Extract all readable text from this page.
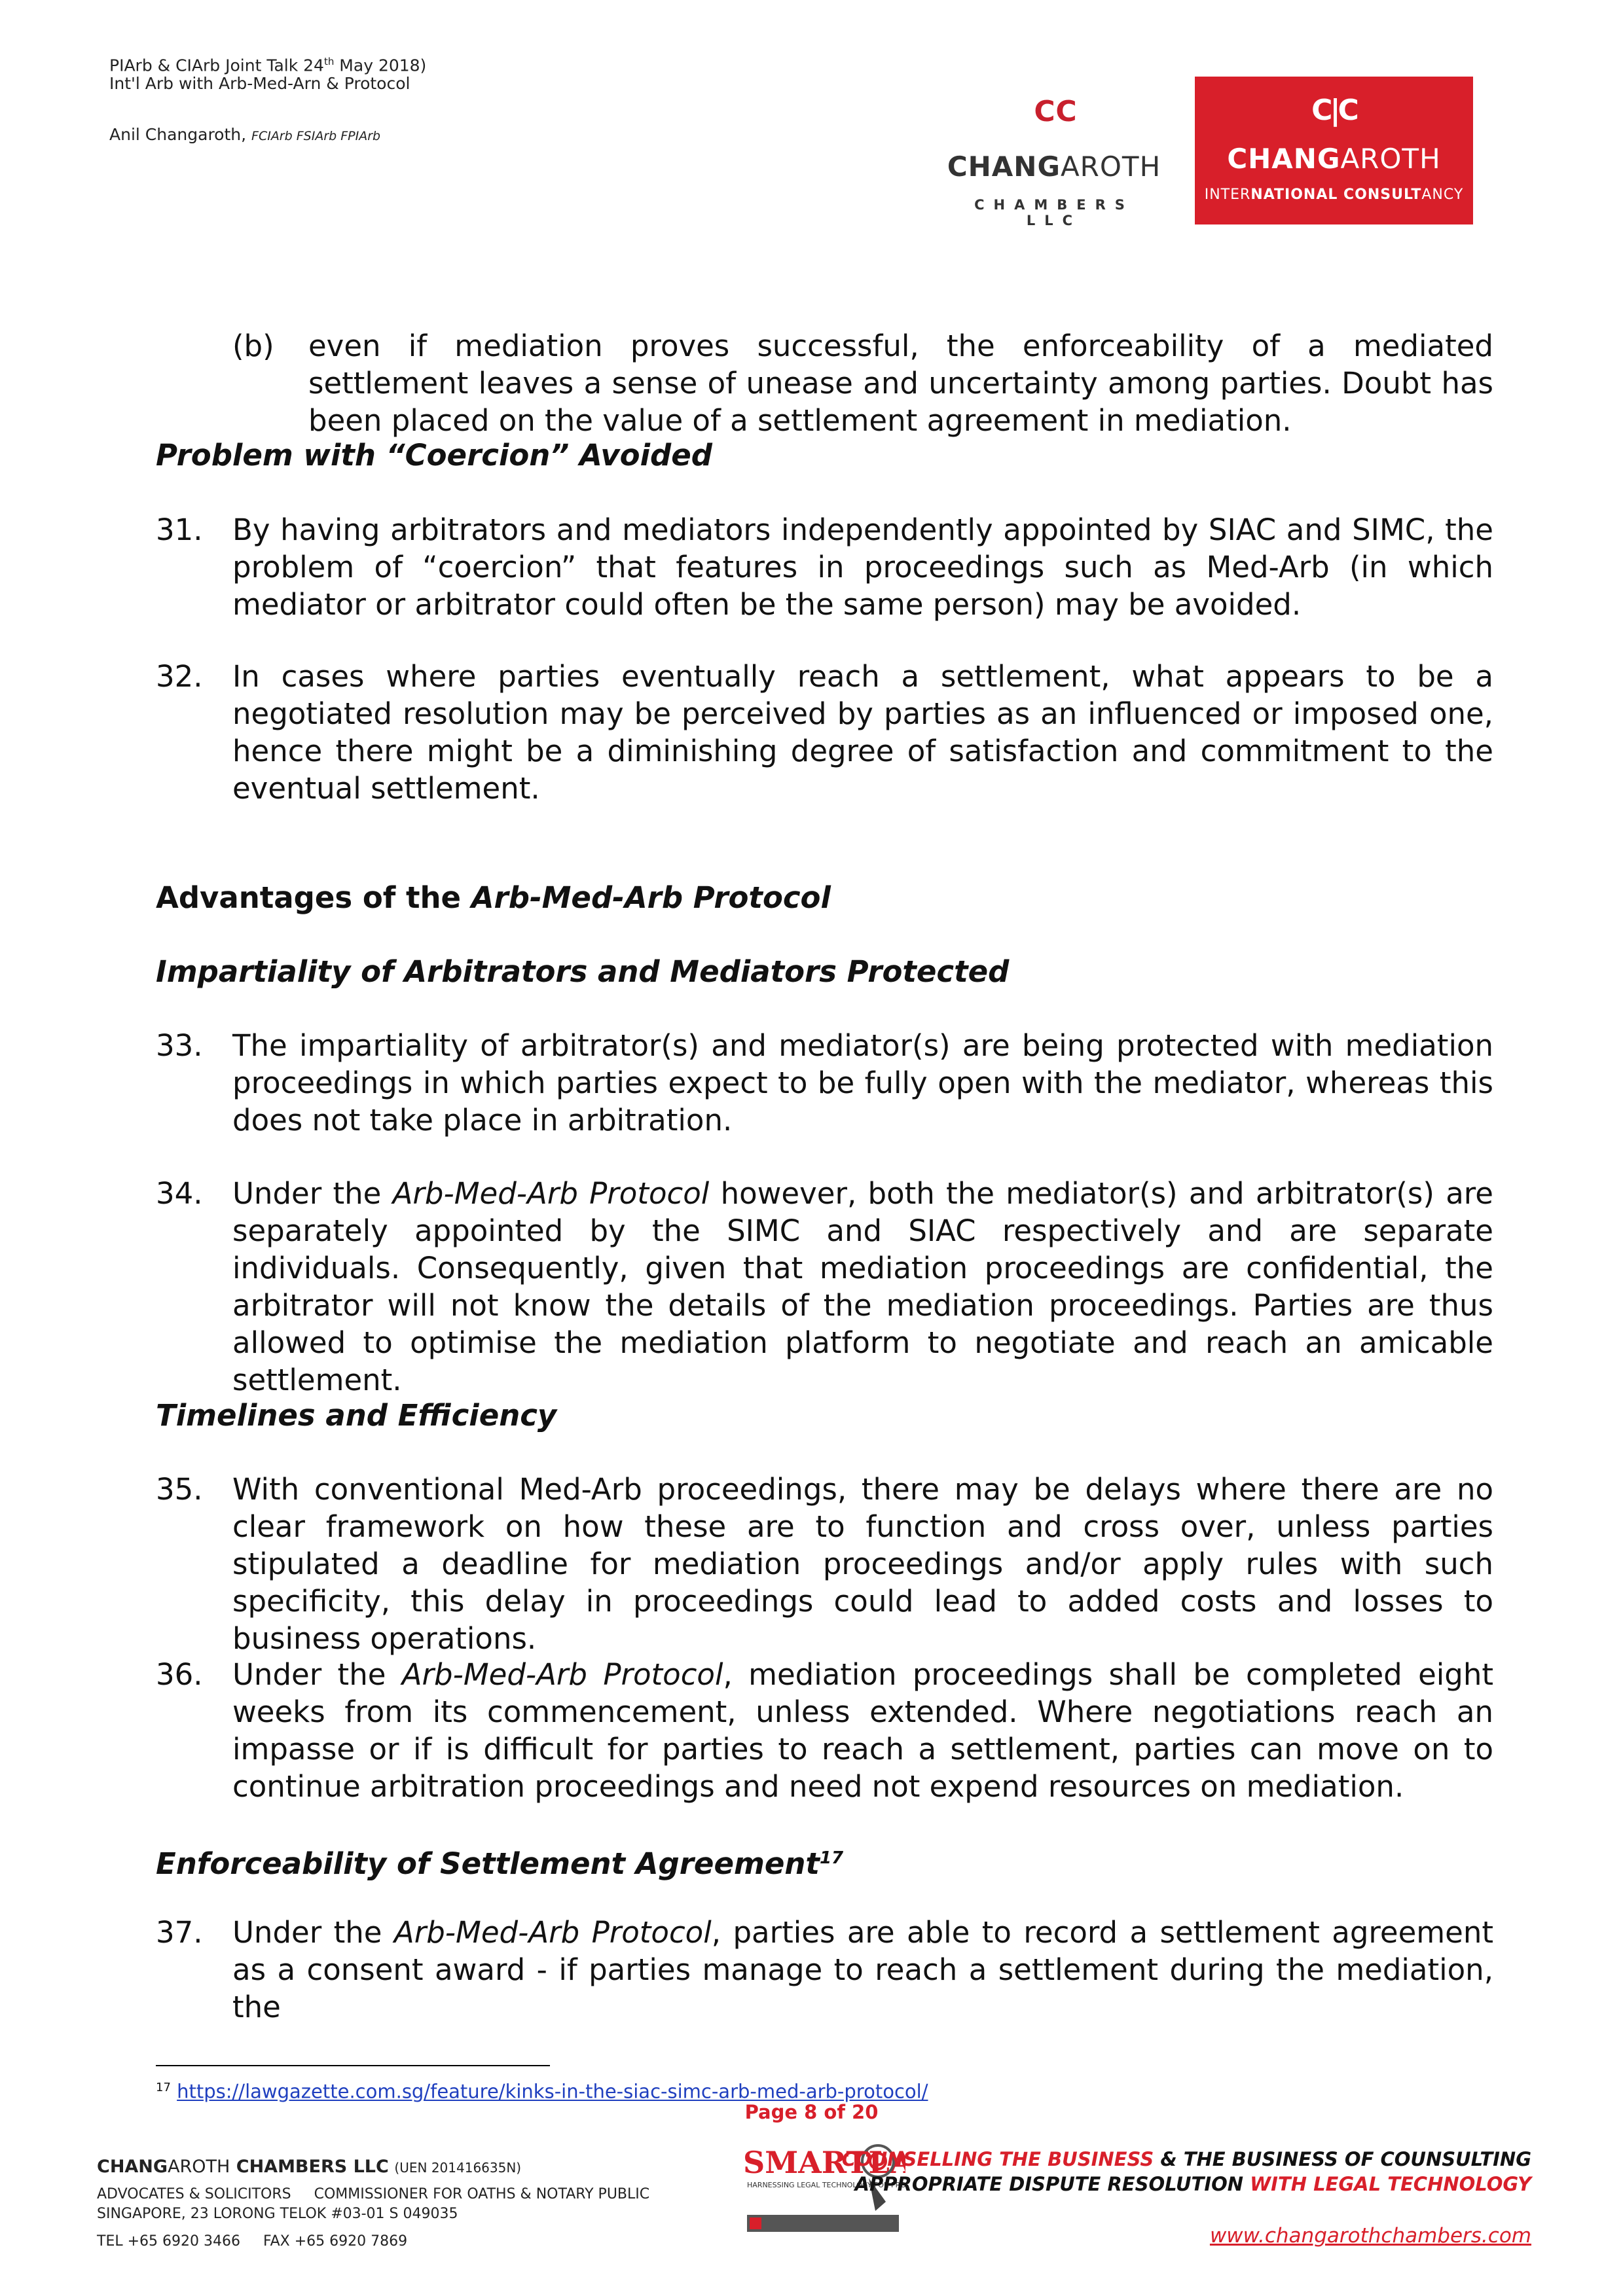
PIArb & CIArb Joint Talk 24th May 2018)
Int'l Arb with Arb-Med-Arn & Protocol
Anil Changaroth, FCIArb FSIArb FPIArb
C C
CHANGAROTH
CHAMBERS LLC
C|C
CHANGAROTH
INTERNATIONAL CONSULTANCY
(b) even if mediation proves successful, the enforceability of a mediated settlement leaves a sense of unease and uncertainty among parties. Doubt has been placed on the value of a settlement agreement in mediation.
Problem with “Coercion” Avoided
31. By having arbitrators and mediators independently appointed by SIAC and SIMC, the problem of “coercion” that features in proceedings such as Med-Arb (in which mediator or arbitrator could often be the same person) may be avoided.
32. In cases where parties eventually reach a settlement, what appears to be a negotiated resolution may be perceived by parties as an influenced or imposed one, hence there might be a diminishing degree of satisfaction and commitment to the eventual settlement.
Advantages of the Arb-Med-Arb Protocol
Impartiality of Arbitrators and Mediators Protected
33. The impartiality of arbitrator(s) and mediator(s) are being protected with mediation proceedings in which parties expect to be fully open with the mediator, whereas this does not take place in arbitration.
34. Under the Arb-Med-Arb Protocol however, both the mediator(s) and arbitrator(s) are separately appointed by the SIMC and SIAC respectively and are separate individuals. Consequently, given that mediation proceedings are confidential, the arbitrator will not know the details of the mediation proceedings. Parties are thus allowed to optimise the mediation platform to negotiate and reach an amicable settlement.
Timelines and Efficiency
35. With conventional Med-Arb proceedings, there may be delays where there are no clear framework on how these are to function and cross over, unless parties stipulated a deadline for mediation proceedings and/or apply rules with such specificity, this delay in proceedings could lead to added costs and losses to business operations.
36. Under the Arb-Med-Arb Protocol, mediation proceedings shall be completed eight weeks from its commencement, unless extended. Where negotiations reach an impasse or if is difficult for parties to reach a settlement, parties can move on to continue arbitration proceedings and need not expend resources on mediation.
Enforceability of Settlement Agreement$^{17}$
37. Under the Arb-Med-Arb Protocol, parties are able to record a settlement agreement as a consent award - if parties manage to reach a settlement during the mediation, the
$^{17}$ https://lawgazette.com.sg/feature/kinks-in-the-siac-simc-arb-med-arb-protocol/
Page 8 of 20
CHANGAROTH CHAMBERS LLC (UEN 201416635N)
ADVOCATES & SOLICITORS     COMMISSIONER FOR OATHS & NOTARY PUBLIC
SINGAPORE, 23 LORONG TELOK #03-01 S 049035
TEL +65 6920 3466     FAX +65 6920 7869
SMARTLA
HARNESSING LEGAL TECHNOLOGY FOR PRO
COUNSELLING THE BUSINESS & THE BUSINESS OF COUNSULTING
APPROPRIATE DISPUTE RESOLUTION WITH LEGAL TECHNOLOGY
www.changarothchambers.com
